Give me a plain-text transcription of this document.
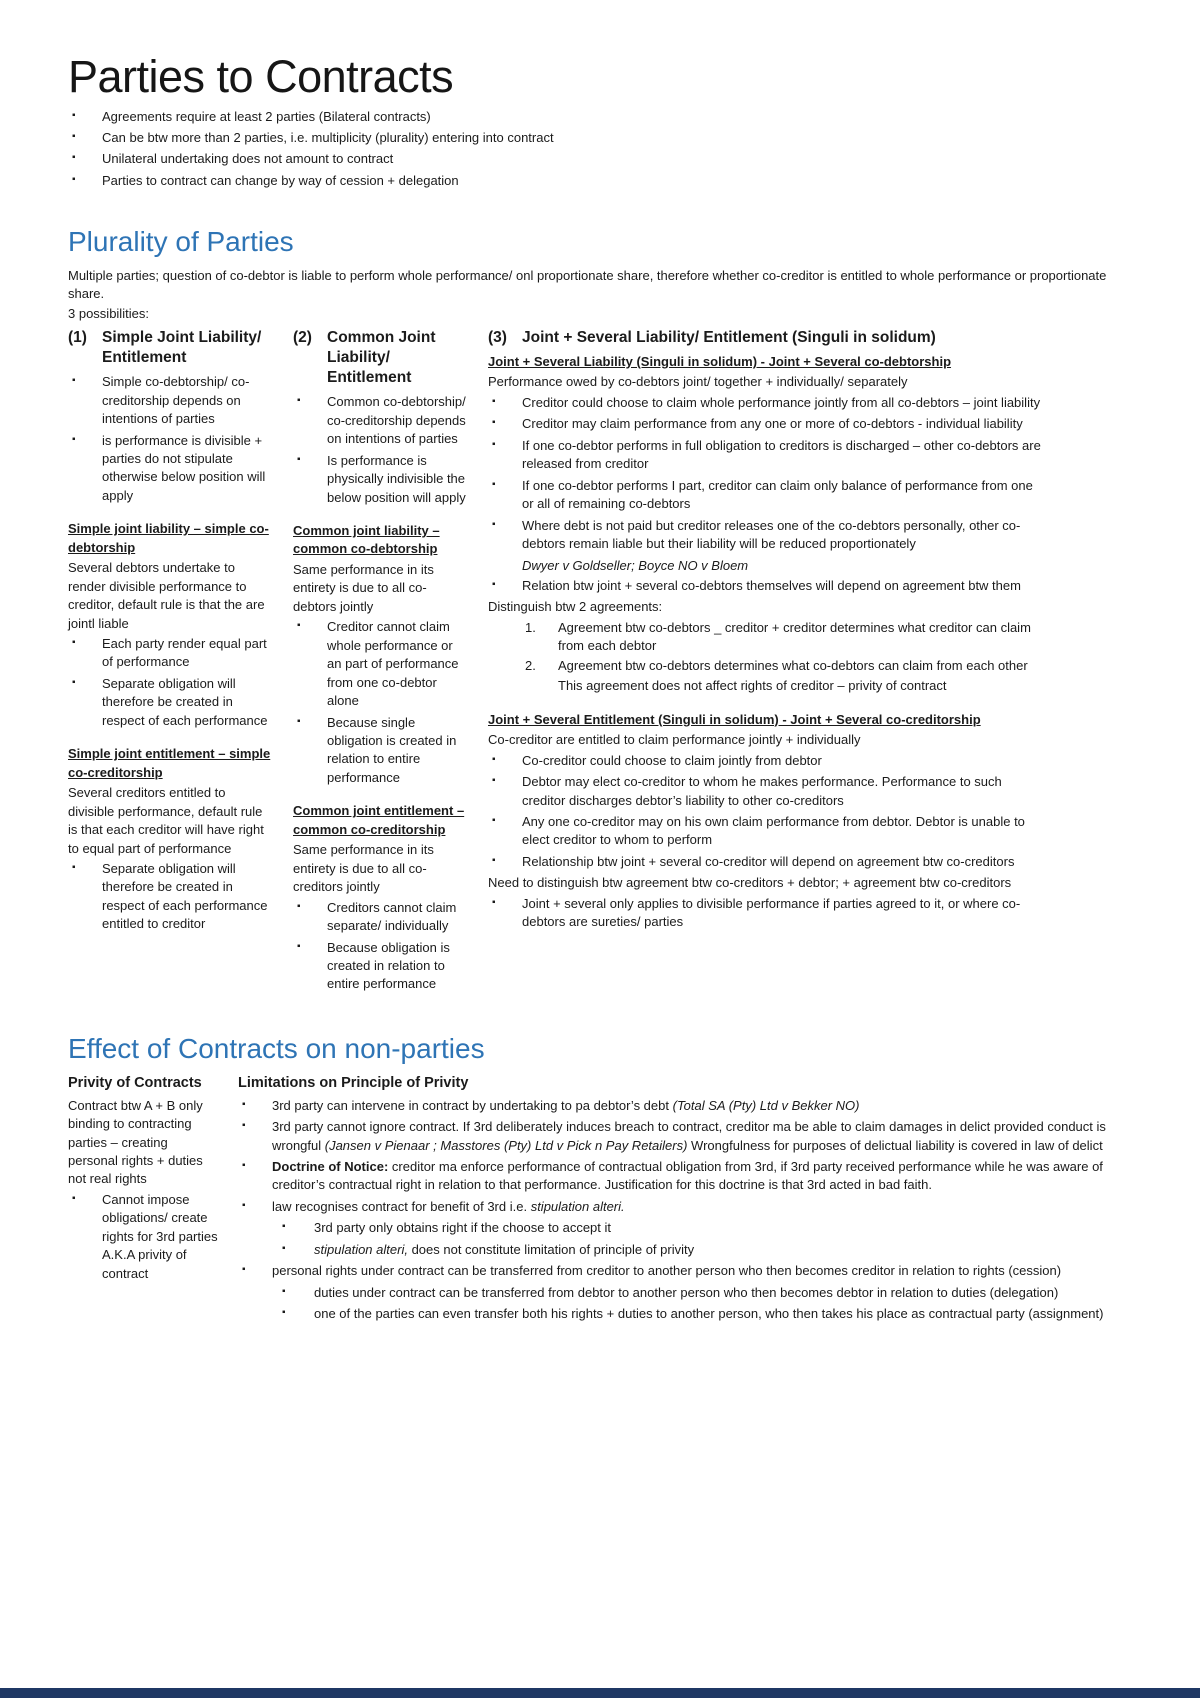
Parties to Contracts
▪ Agreements require at least 2 parties (Bilateral contracts)
▪ Can be btw more than 2 parties, i.e. multiplicity (plurality) entering into contract
▪ Unilateral undertaking does not amount to contract
▪ Parties to contract can change by way of cession + delegation
Plurality of Parties

Multiple parties; question of co-debtor is liable to perform whole performance/ onl proportionate share, therefore whether co-creditor is entitled to whole performance or proportionate share.

3 possibilities:

(1) Simple Joint Liability/ Entitlement
▪ Simple co-debtorship/ co-creditorship depends on intentions of parties
▪ is performance is divisible + parties do not stipulate otherwise below position will apply

Simple joint liability – simple co-debtorship

Several debtors undertake to render divisible performance to creditor, default rule is that the are jointl liable

▪ Each party render equal part of performance
▪ Separate obligation will therefore be created in respect of each performance

Simple joint entitlement – simple co-creditorship

Several creditors entitled to divisible performance, default rule is that each creditor will have right to equal part of performance

▪ Separate obligation will therefore be created in respect of each performance entitled to creditor
(2) Common Joint Liability/ Entitlement
▪ Common co-debtorship/ co-creditorship depends on intentions of parties
▪ Is performance is physically indivisible the below position will apply

Common joint liability – common co-debtorship

Same performance in its entirety is due to all co-debtors jointly

▪ Creditor cannot claim whole performance or an part of performance from one co-debtor alone
▪ Because single obligation is created in relation to entire performance

Common joint entitlement – common co-creditorship

Same performance in its entirety is due to all co-creditors jointly

▪ Creditors cannot claim separate/ individually
▪ Because obligation is created in relation to entire performance
(3) Joint + Several Liability/ Entitlement (Singuli in solidum)

Joint + Several Liability (Singuli in solidum) - Joint + Several co-debtorship

Performance owed by co-debtors joint/ together + individually/ separately

▪ Creditor could choose to claim whole performance jointly from all co-debtors – joint liability
▪ Creditor may claim performance from any one or more of co-debtors - individual liability
▪ If one co-debtor performs in full obligation to creditors is discharged – other co-debtors are released from creditor
▪ If one co-debtor performs I part, creditor can claim only balance of performance from one or all of remaining co-debtors
▪ Where debt is not paid but creditor releases one of the co-debtors personally, other co-debtors remain liable but their liability will be reduced proportionately

Dwyer v Goldseller; Boyce NO v Bloem

▪ Relation btw joint + several co-debtors themselves will depend on agreement btw them

Distinguish btw 2 agreements:

1. Agreement btw co-debtors _ creditor + creditor determines what creditor can claim from each debtor
2. Agreement btw co-debtors determines what co-debtors can claim from each other

This agreement does not affect rights of creditor – privity of contract

Joint + Several Entitlement (Singuli in solidum) - Joint + Several co-creditorship

Co-creditor are entitled to claim performance jointly + individually

▪ Co-creditor could choose to claim jointly from debtor
▪ Debtor may elect co-creditor to whom he makes performance. Performance to such creditor discharges debtor’s liability to other co-creditors
▪ Any one co-creditor may on his own claim performance from debtor. Debtor is unable to elect creditor to whom to perform
▪ Relationship btw joint + several co-creditor will depend on agreement btw co-creditors

Need to distinguish btw agreement btw co-creditors + debtor; + agreement btw co-creditors

▪ Joint + several only applies to divisible performance if parties agreed to it, or where co-debtors are sureties/ parties
Effect of Contracts on non-parties

Privity of Contracts

Contract btw A + B only binding to contracting parties – creating personal rights + duties not real rights

▪ Cannot impose obligations/ create rights for 3rd parties A.K.A privity of contract

Limitations on Principle of Privity

▪ 3rd party can intervene in contract by undertaking to pa debtor’s debt (Total SA (Pty) Ltd v Bekker NO)
▪ 3rd party cannot ignore contract. If 3rd deliberately induces breach to contract, creditor ma be able to claim damages in delict provided conduct is wrongful (Jansen v Pienaar ; Masstores (Pty) Ltd v Pick n Pay Retailers) Wrongfulness for purposes of delictual liability is covered in law of delict
▪ Doctrine of Notice: creditor ma enforce performance of contractual obligation from 3rd, if 3rd party received performance while he was aware of creditor’s contractual right in relation to that performance. Justification for this doctrine is that 3rd acted in bad faith.
▪ law recognises contract for benefit of 3rd i.e. stipulation alteri.
▪ 3rd party only obtains right if the choose to accept it
▪ stipulation alteri, does not constitute limitation of principle of privity
▪ personal rights under contract can be transferred from creditor to another person who then becomes creditor in relation to rights (cession)
▪ duties under contract can be transferred from debtor to another person who then becomes debtor in relation to duties (delegation)
▪ one of the parties can even transfer both his rights + duties to another person, who then takes his place as contractual party (assignment)
